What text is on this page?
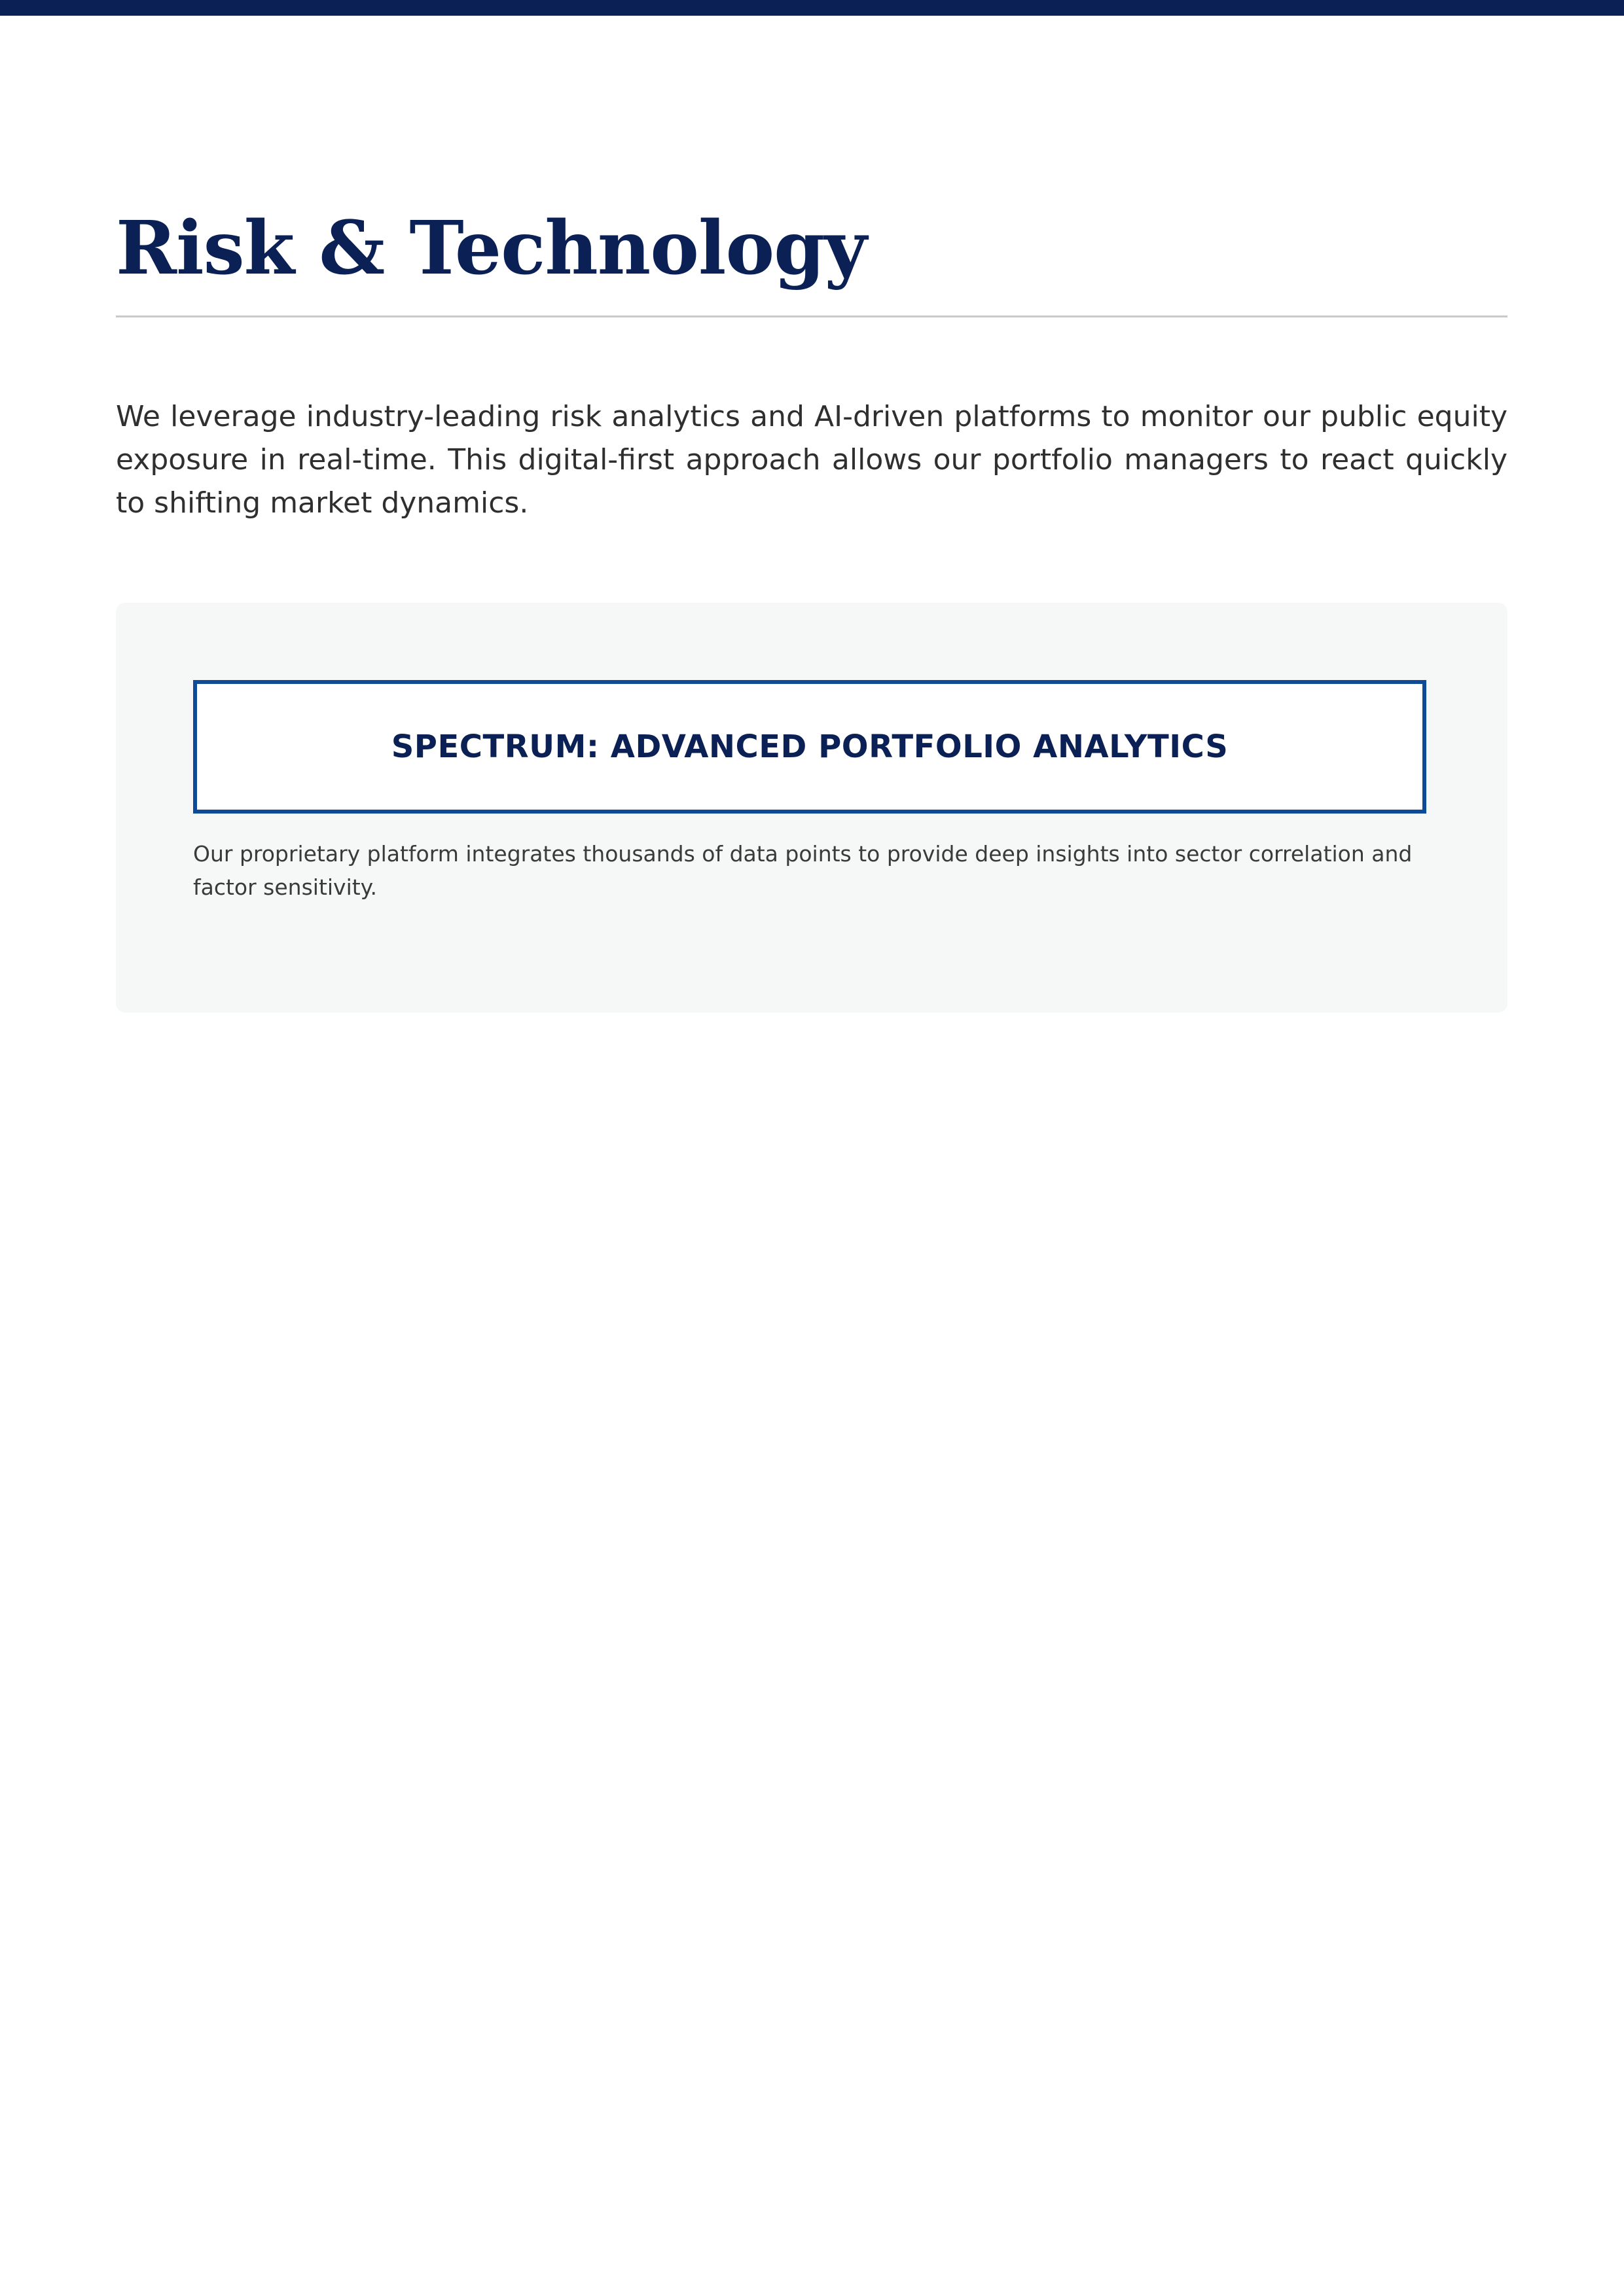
Risk & Technology

We leverage industry-leading risk analytics and AI-driven platforms to monitor our public equity exposure in real-time. This digital-first approach allows our portfolio managers to react quickly to shifting market dynamics.

SPECTRUM: ADVANCED PORTFOLIO ANALYTICS

Our proprietary platform integrates thousands of data points to provide deep insights into sector correlation and factor sensitivity.
